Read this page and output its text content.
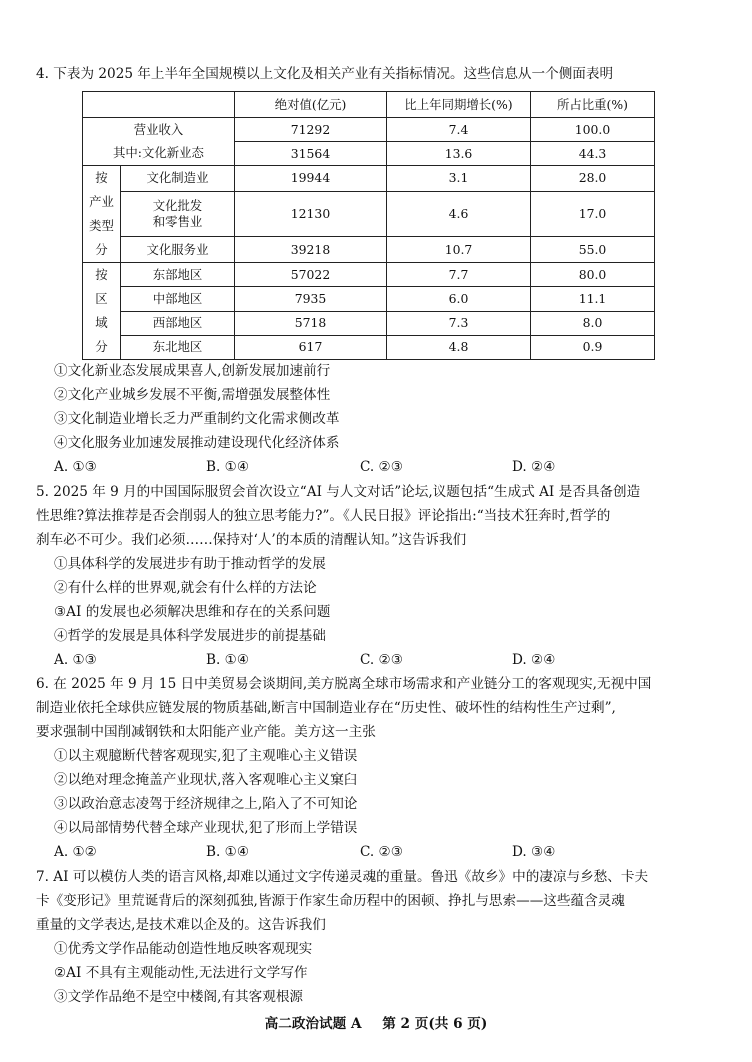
4. 下表为 2025 年上半年全国规模以上文化及相关产业有关指标情况。这些信息从一个侧面表明
		绝对值(亿元)	比上年同期增长(%)	所占比重(%)
营业收入		71292	7.4	100.0
其中:文化新业态		31564	13.6	44.3
按
产业
类型
分	文化制造业	19944	3.1	28.0
	文化批发
和零售业	12130	4.6	17.0
	文化服务业	39218	10.7	55.0
按
区
域
分	东部地区	57022	7.7	80.0
	中部地区	7935	6.0	11.1
	西部地区	5718	7.3	8.0
	东北地区	617	4.8	0.9
①文化新业态发展成果喜人,创新发展加速前行
②文化产业城乡发展不平衡,需增强发展整体性
③文化制造业增长乏力严重制约文化需求侧改革
④文化服务业加速发展推动建设现代化经济体系
A. ①③	B. ①④	C. ②③	D. ②④
5. 2025 年 9 月的中国国际服贸会首次设立“AI 与人文对话”论坛,议题包括“生成式 AI 是否具备创造
性思维?算法推荐是否会削弱人的独立思考能力?”。《人民日报》评论指出:“当技术狂奔时,哲学的
刹车必不可少。我们必须……保持对‘人’的本质的清醒认知。”这告诉我们
①具体科学的发展进步有助于推动哲学的发展
②有什么样的世界观,就会有什么样的方法论
③AI 的发展也必须解决思维和存在的关系问题
④哲学的发展是具体科学发展进步的前提基础
A. ①③	B. ①④	C. ②③	D. ②④
6. 在 2025 年 9 月 15 日中美贸易会谈期间,美方脱离全球市场需求和产业链分工的客观现实,无视中国
制造业依托全球供应链发展的物质基础,断言中国制造业存在“历史性、破坏性的结构性生产过剩”,
要求强制中国削减钢铁和太阳能产业产能。美方这一主张
①以主观臆断代替客观现实,犯了主观唯心主义错误
②以绝对理念掩盖产业现状,落入客观唯心主义窠臼
③以政治意志凌驾于经济规律之上,陷入了不可知论
④以局部情势代替全球产业现状,犯了形而上学错误
A. ①②	B. ①④	C. ②③	D. ③④
7. AI 可以模仿人类的语言风格,却难以通过文字传递灵魂的重量。鲁迅《故乡》中的凄凉与乡愁、卡夫
卡《变形记》里荒诞背后的深刻孤独,皆源于作家生命历程中的困顿、挣扎与思索——这些蕴含灵魂
重量的文学表达,是技术难以企及的。这告诉我们
①优秀文学作品能动创造性地反映客观现实
②AI 不具有主观能动性,无法进行文学写作
③文学作品绝不是空中楼阁,有其客观根源
高二政治试题 A 第 2 页(共 6 页)
